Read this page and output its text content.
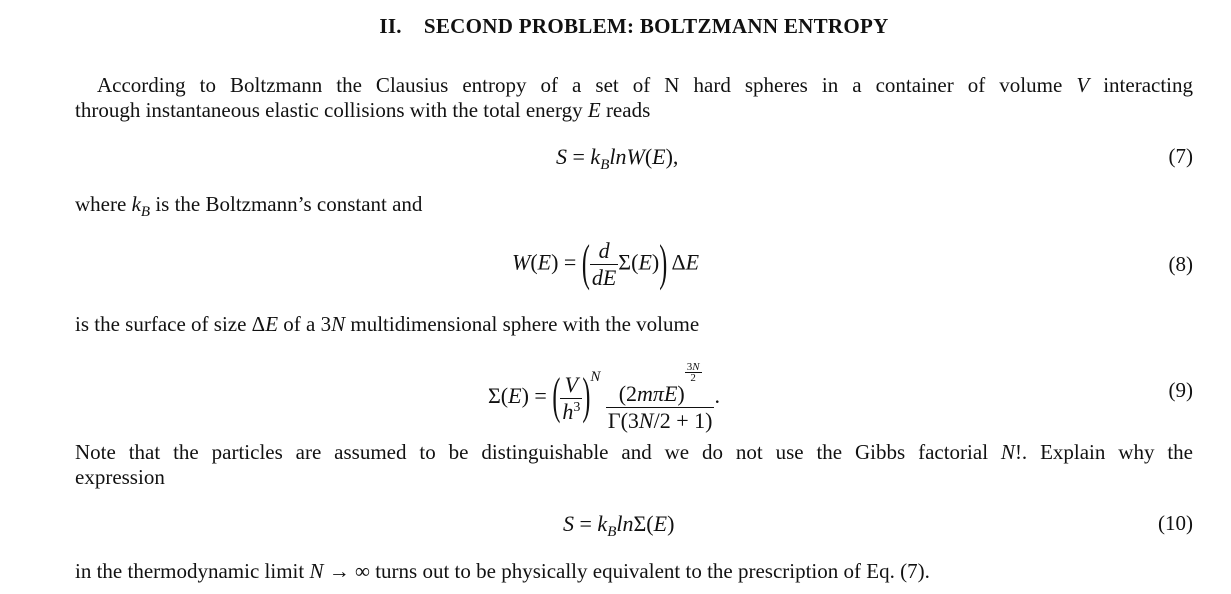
II. SECOND PROBLEM: BOLTZMANN ENTROPY
According to Boltzmann the Clausius entropy of a set of N hard spheres in a container of volume V interacting
through instantaneous elastic collisions with the total energy E reads
$S = k_B\ln W(E)$,	(7)
where $k_B$ is the Boltzmann’s constant and
W(E) = ( $\frac{d}{dE} \Sigma(E)$) ΔE	(8)
is the surface of size ΔE of a 3N multidimensional sphere with the volume
Σ(E) = ( $\frac{V}{h^3} )^N$ (2mπE)
$\frac{3N}{2}$
Γ(3N/2 + 1) .	(9)
Note that the particles are assumed to be distinguishable and we do not use the Gibbs factorial N!. Explain why the
expression
$S = k_B\ln\Sigma(E)$	(10)
in the thermodynamic limit N → ∞ turns out to be physically equivalent to the prescription of Eq. (7).
